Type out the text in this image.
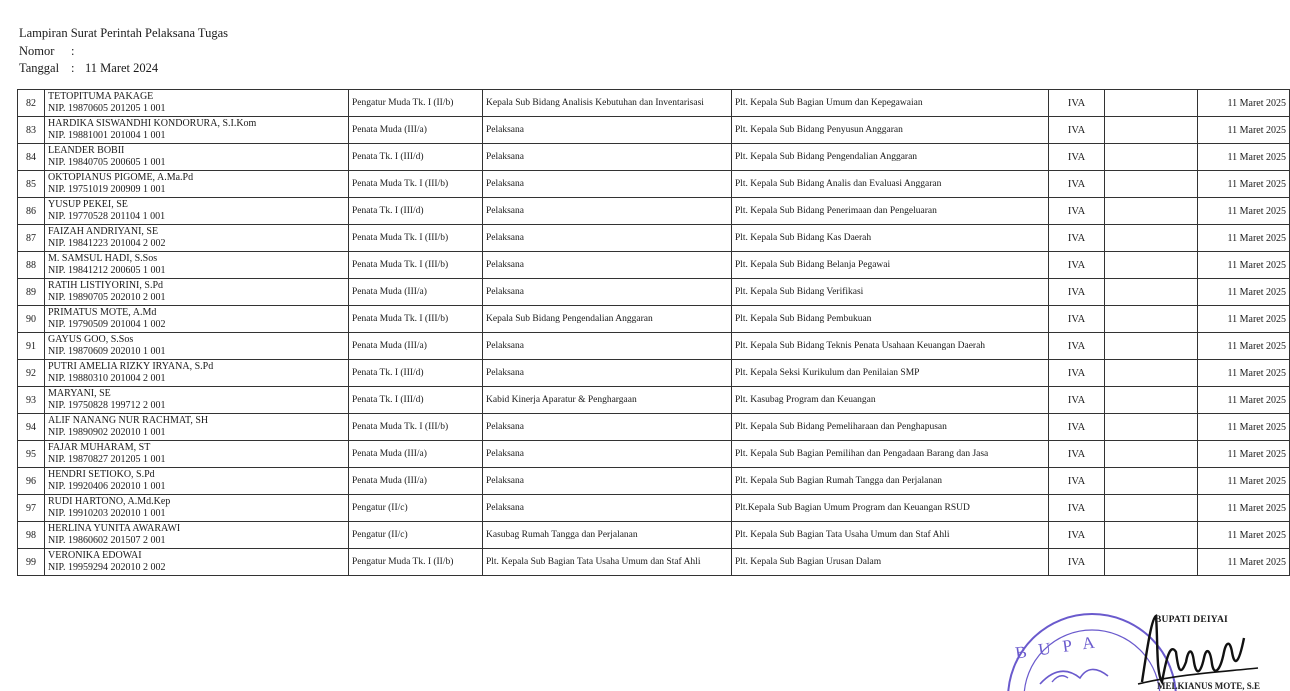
Lampiran Surat Perintah Pelaksana Tugas
Nomor :
Tanggal : 11 Maret 2024
82	TETOPITUMA PAKAGE
NIP. 19870605 201205 1 001	Pengatur Muda Tk. I (II/b)	Kepala Sub Bidang Analisis Kebutuhan dan Inventarisasi	Plt. Kepala Sub Bagian Umum dan Kepegawaian	IVA		11 Maret 2025
83	HARDIKA SISWANDHI KONDORURA, S.I.Kom
NIP. 19881001 201004 1 001	Penata Muda (III/a)	Pelaksana	Plt. Kepala Sub Bidang Penyusun Anggaran	IVA		11 Maret 2025
84	LEANDER BOBII
NIP. 19840705 200605 1 001	Penata Tk. I (III/d)	Pelaksana	Plt. Kepala Sub Bidang Pengendalian Anggaran	IVA		11 Maret 2025
85	OKTOPIANUS PIGOME, A.Ma.Pd
NIP. 19751019 200909 1 001	Penata Muda Tk. I (III/b)	Pelaksana	Plt. Kepala Sub Bidang Analis dan Evaluasi Anggaran	IVA		11 Maret 2025
86	YUSUP PEKEI, SE
NIP. 19770528 201104 1 001	Penata Tk. I (III/d)	Pelaksana	Plt. Kepala Sub Bidang Penerimaan dan Pengeluaran	IVA		11 Maret 2025
87	FAIZAH ANDRIYANI, SE
NIP. 19841223 201004 2 002	Penata Muda Tk. I (III/b)	Pelaksana	Plt. Kepala Sub Bidang Kas Daerah	IVA		11 Maret 2025
88	M. SAMSUL HADI, S.Sos
NIP. 19841212 200605 1 001	Penata Muda Tk. I (III/b)	Pelaksana	Plt. Kepala Sub Bidang Belanja Pegawai	IVA		11 Maret 2025
89	RATIH LISTIYORINI, S.Pd
NIP. 19890705 202010 2 001	Penata Muda (III/a)	Pelaksana	Plt. Kepala Sub Bidang Verifikasi	IVA		11 Maret 2025
90	PRIMATUS MOTE, A.Md
NIP. 19790509 201004 1 002	Penata Muda Tk. I (III/b)	Kepala Sub Bidang Pengendalian Anggaran	Plt. Kepala Sub Bidang Pembukuan	IVA		11 Maret 2025
91	GAYUS GOO, S.Sos
NIP. 19870609 202010 1 001	Penata Muda (III/a)	Pelaksana	Plt. Kepala Sub Bidang Teknis Penata Usahaan Keuangan Daerah	IVA		11 Maret 2025
92	PUTRI AMELIA RIZKY IRYANA, S.Pd
NIP. 19880310 201004 2 001	Penata Tk. I (III/d)	Pelaksana	Plt. Kepala Seksi Kurikulum dan Penilaian SMP	IVA		11 Maret 2025
93	MARYANI, SE
NIP. 19750828 199712 2 001	Penata Tk. I (III/d)	Kabid Kinerja Aparatur & Penghargaan	Plt. Kasubag Program dan Keuangan	IVA		11 Maret 2025
94	ALIF NANANG NUR RACHMAT, SH
NIP. 19890902 202010 1 001	Penata Muda Tk. I (III/b)	Pelaksana	Plt. Kepala Sub Bidang Pemeliharaan dan Penghapusan	IVA		11 Maret 2025
95	FAJAR MUHARAM, ST
NIP. 19870827 201205 1 001	Penata Muda (III/a)	Pelaksana	Plt. Kepala Sub Bagian Pemilihan dan Pengadaan Barang dan Jasa	IVA		11 Maret 2025
96	HENDRI SETIOKO, S.Pd
NIP. 19920406 202010 1 001	Penata Muda (III/a)	Pelaksana	Plt. Kepala Sub Bagian Rumah Tangga dan Perjalanan	IVA		11 Maret 2025
97	RUDI HARTONO, A.Md.Kep
NIP. 19910203 202010 1 001	Pengatur (II/c)	Pelaksana	Plt.Kepala Sub Bagian Umum Program dan Keuangan RSUD	IVA		11 Maret 2025
98	HERLINA YUNITA AWARAWI
NIP. 19860602 201507 2 001	Pengatur (II/c)	Kasubag Rumah Tangga dan Perjalanan	Plt. Kepala Sub Bagian Tata Usaha Umum dan Staf Ahli	IVA		11 Maret 2025
99	VERONIKA EDOWAI
NIP. 19959294 202010 2 002	Pengatur Muda Tk. I (II/b)	Plt. Kepala Sub Bagian Tata Usaha Umum dan Staf Ahli	Plt. Kepala Sub Bagian Urusan Dalam	IVA		11 Maret 2025
BUPA
BUPATI DEIYAI
MELKIANUS MOTE, S.E
